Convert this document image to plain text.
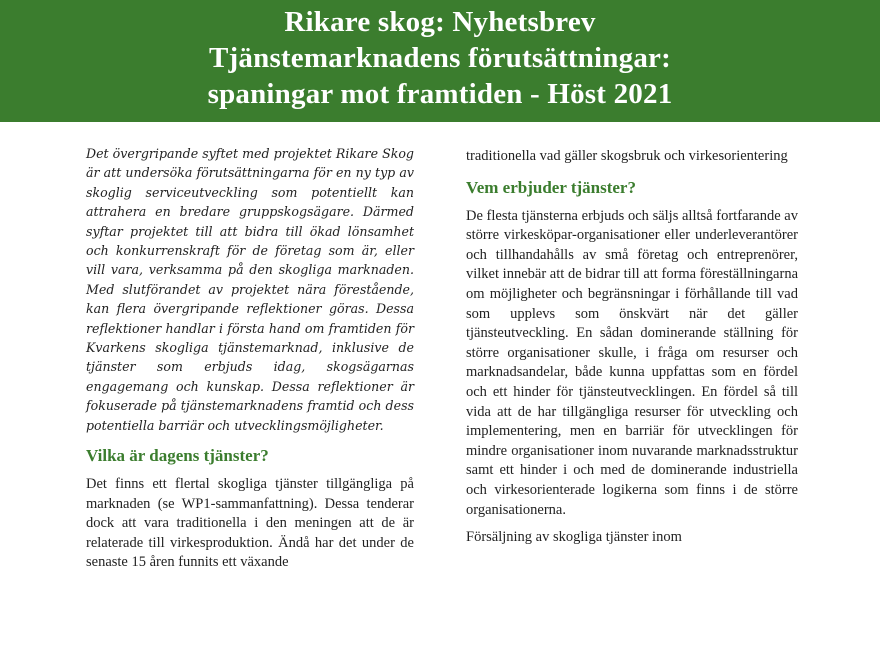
Rikare skog: Nyhetsbrev
Tjänstemarknadens förutsättningar:
spaningar mot framtiden - Höst 2021

Det övergripande syftet med projektet Rikare Skog är att undersöka förutsättningarna för en ny typ av skoglig serviceutveckling som potentiellt kan attrahera en bredare gruppskogsägare. Därmed syftar projektet till att bidra till ökad lönsamhet och konkurrenskraft för de företag som är, eller vill vara, verksamma på den skogliga marknaden. Med slutförandet av projektet nära förestående, kan flera övergripande reflektioner göras. Dessa reflektioner handlar i första hand om framtiden för Kvarkens skogliga tjänstemarknad, inklusive de tjänster som erbjuds idag, skogsägarnas engagemang och kunskap. Dessa reflektioner är fokuserade på tjänstemarknadens framtid och dess potentiella barriär och utvecklingsmöjligheter.

Vilka är dagens tjänster?

Det finns ett flertal skogliga tjänster tillgängliga på marknaden (se WP1-sammanfattning). Dessa tenderar dock att vara traditionella i den meningen att de är relaterade till virkesproduktion. Ändå har det under de senaste 15 åren funnits ett växande

traditionella vad gäller skogsbruk och virkesorientering

Vem erbjuder tjänster?

De flesta tjänsterna erbjuds och säljs alltså fortfarande av större virkesköpar-organisationer eller underleverantörer och tillhandahålls av små företag och entreprenörer, vilket innebär att de bidrar till att forma föreställningarna om möjligheter och begränsningar i förhållande till vad som upplevs som önskvärt när det gäller tjänsteutveckling. En sådan dominerande ställning för större organisationer skulle, i fråga om resurser och marknadsandelar, både kunna uppfattas som en fördel och ett hinder för tjänsteutvecklingen. En fördel så till vida att de har tillgängliga resurser för utveckling och implementering, men en barriär för utvecklingen för mindre organisationer inom nuvarande marknadsstruktur samt ett hinder i och med de dominerande industriella och virkesorienterade logikerna som finns i de större organisationerna.

Försäljning av skogliga tjänster inom
